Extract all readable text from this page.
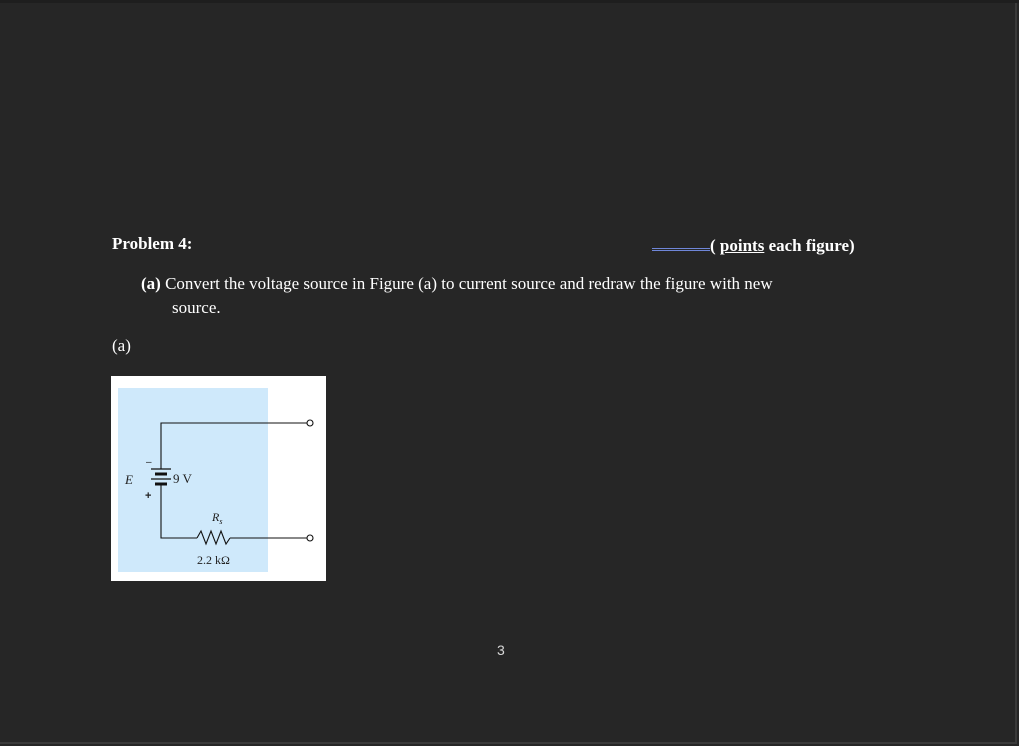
Problem 4:	( points each figure)
(a) Convert the voltage source in Figure (a) to current source and redraw the figure with new
source.
(a)
E	9 V
–
+
$R_s$
2.2 kΩ
3
